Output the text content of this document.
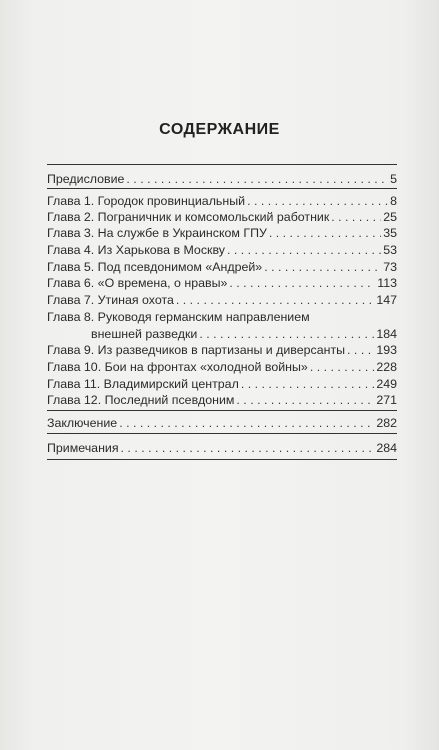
СОДЕРЖАНИЕ
Предисловие . . .	5
Глава 1. Городок провинциальный . . .	8
Глава 2. Пограничник и комсомольский работник . . .	25
Глава 3. На службе в Украинском ГПУ . . .	35
Глава 4. Из Харькова в Москву . . .	53
Глава 5. Под псевдонимом «Андрей» . . .	73
Глава 6. «О времена, о нравы» . . .	113
Глава 7. Утиная охота . . .	147
Глава 8. Руководя германским направлением
внешней разведки . . .	184
Глава 9. Из разведчиков в партизаны и диверсанты . . .	193
Глава 10. Бои на фронтах «холодной войны» . . .	228
Глава 11. Владимирский централ . . .	249
Глава 12. Последний псевдоним . . .	271
Заключение . . .	282
Примечания . . .	284
